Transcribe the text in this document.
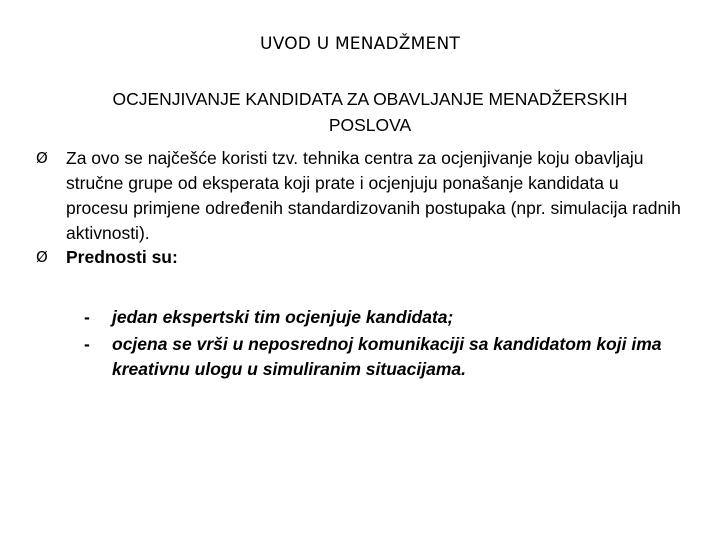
UVOD U MENADŽMENT
OCJENJIVANJE KANDIDATA ZA OBAVLJANJE MENADŽERSKIH POSLOVA
Ø	Za ovo se najčešće koristi tzv. tehnika centra za ocjenjivanje koju obavljaju stručne grupe od eksperata koji prate i ocjenjuju ponašanje kandidata u procesu primjene određenih standardizovanih postupaka (npr. simulacija radnih aktivnosti).
Ø	Prednosti su:
- jedan ekspertski tim ocjenjuje kandidata;
- ocjena se vrši u neposrednoj komunikaciji sa kandidatom koji ima kreativnu ulogu u simuliranim situacijama.
